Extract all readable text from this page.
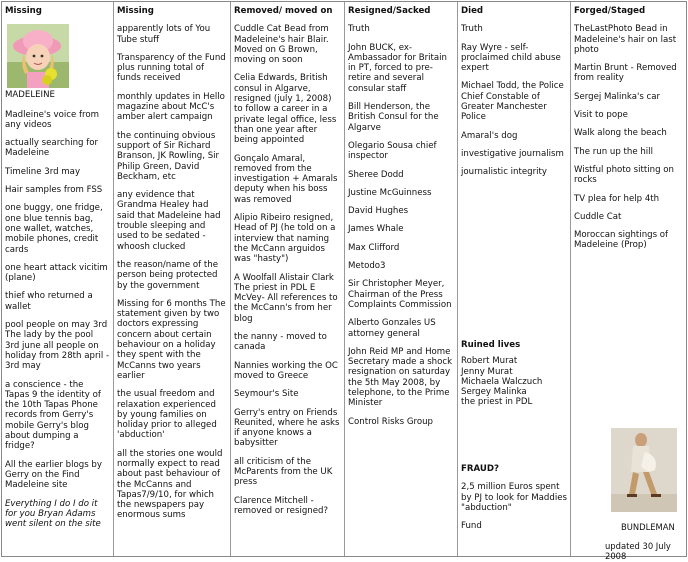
Missing
MADELEINE
Madleine's voice from any videos
actually searching for Madeleine
Timeline 3rd may
Hair samples from FSS
one buggy, one fridge, one blue tennis bag, one wallet, watches, mobile phones, credit cards
one heart attack vicitim (plane)
thief who returned a wallet
pool people on may 3rd The lady by the pool 3rd june all people on holiday from 28th april - 3rd may
a conscience - the Tapas 9 the identity of the 10th Tapas Phone records from Gerry's mobile Gerry's blog about dumping a fridge?
All the earlier blogs by Gerry on the Find Madeleine site
Everything I do I do it for you Bryan Adams went silent on the site
Missing
apparently lots of You Tube stuff
Transparency of the Fund plus running total of funds received
monthly updates in Hello magazine about McC's amber alert campaign
the continuing obvious support of Sir Richard Branson, JK Rowling, Sir Philip Green, David Beckham, etc
any evidence that Grandma Healey had said that Madeleine had trouble sleeping and used to be sedated - whoosh clucked
the reason/name of the person being protected by the government
Missing for 6 months The statement given by two doctors expressing concern about certain behaviour on a holiday they spent with the McCanns two years earlier
the usual freedom and relaxation experienced by young families on holiday prior to alleged 'abduction'
all the stories one would normally expect to read about past behaviour of the McCanns and Tapas7/9/10, for which the newspapers pay enormous sums
Removed/ moved on
Cuddle Cat Bead from Madeleine's hair Blair. Moved on G Brown, moving on soon
Celia Edwards, British consul in Algarve, resigned (july 1, 2008) to follow a career in a private legal office, less than one year after being appointed
Gonçalo Amaral, removed from the investigation + Amarals deputy when his boss was removed
Alipio Ribeiro resigned, Head of PJ (he told on a interview that naming the McCann arguidos was "hasty")
A Woolfall Alistair Clark The priest in PDL E McVey- All references to the McCann's from her blog
the nanny - moved to canada
Nannies working the OC moved to Greece
Seymour's Site
Gerry's entry on Friends Reunited, where he asks if anyone knows a babysitter
all criticism of the McParents from the UK press
Clarence Mitchell - removed or resigned?
Resigned/Sacked
Truth
John BUCK, ex-Ambassador for Britain in PT, forced to pre-retire and several consular staff
Bill Henderson, the British Consul for the Algarve
Olegario Sousa chief inspector
Sheree Dodd
Justine McGuinness
David Hughes
James Whale
Max Clifford
Metodo3
Sir Christopher Meyer, Chairman of the Press Complaints Commission
Alberto Gonzales US attorney general
John Reid MP and Home Secretary made a shock resignation on saturday the 5th May 2008, by telephone, to the Prime Minister
Control Risks Group
Died
Truth
Ray Wyre - self-proclaimed child abuse expert
Michael Todd, the Police Chief Constable of Greater Manchester Police
Amaral's dog
investigative journalism
journalistic integrity
Ruined lives
Robert Murat
Jenny Murat
Michaela Walczuch
Sergey Malinka
the priest in PDL
FRAUD?
2,5 million Euros spent by PJ to look for Maddies "abduction"
Fund
Forged/Staged
TheLastPhoto Bead in Madeleine's hair on last photo
Martin Brunt - Removed from reality
Sergej Malinka's car
Visit to pope
Walk along the beach
The run up the hill
Wistful photo sitting on rocks
TV plea for help 4th
Cuddle Cat
Moroccan sightings of Madeleine (Prop)
BUNDLEMAN
updated 30 July 2008
